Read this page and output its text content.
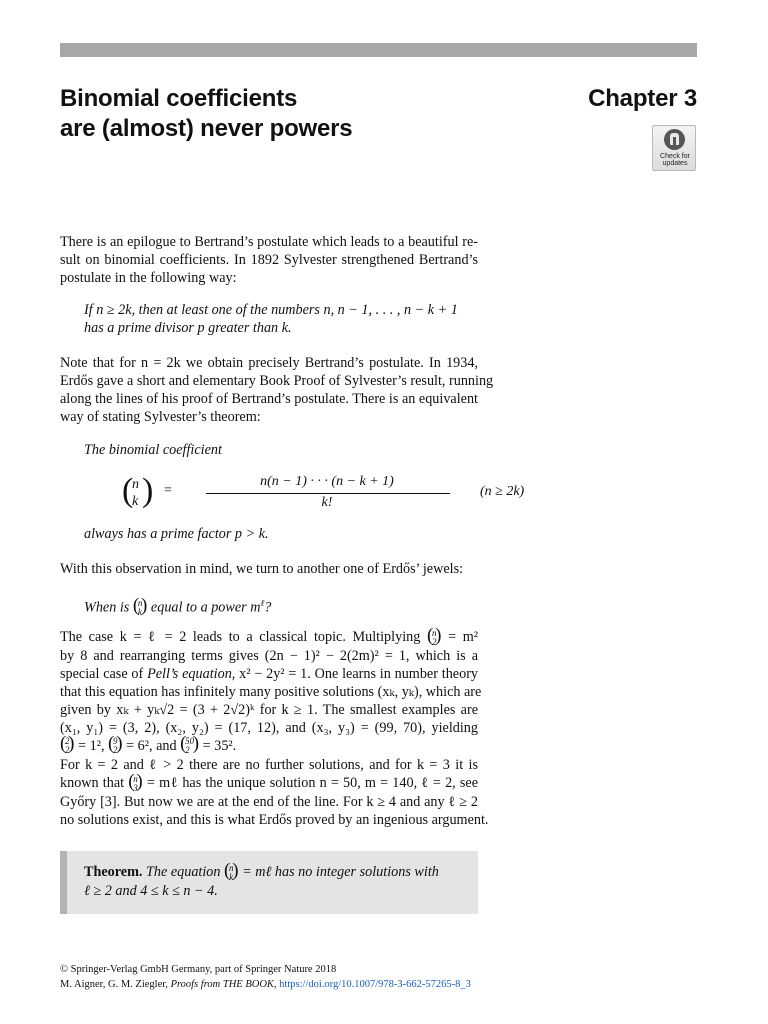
Binomial coefficients
are (almost) never powers
Chapter 3
Check for
updates
There is an epilogue to Bertrand’s postulate which leads to a beautiful re-
sult on binomial coefficients. In 1892 Sylvester strengthened Bertrand’s
postulate in the following way:
If n ≥ 2k, then at least one of the numbers n, n − 1, . . . , n − k + 1
has a prime divisor p greater than k.
Note that for n = 2k we obtain precisely Bertrand’s postulate. In 1934,
Erdős gave a short and elementary Book Proof of Sylvester’s result, running
along the lines of his proof of Bertrand’s postulate. There is an equivalent
way of stating Sylvester’s theorem:
The binomial coefficient
(
n
k ) =
n(n − 1) · · · (n − k + 1)
k!
(n ≥ 2k)
always has a prime factor p > k.
With this observation in mind, we turn to another one of Erdős’ jewels:
When is ( n
k
) equal to a power $m^\ell$?
The case k = ℓ = 2 leads to a classical topic. Multiplying ( n
2
) = m²
by 8 and rearranging terms gives (2n − 1)² − 2(2m)² = 1, which is a
special case of Pell’s equation, x² − 2y² = 1. One learns in number theory
that this equation has infinitely many positive solutions (xₖ, yₖ), which are
given by xₖ + yₖ√2 = (3 + 2√2)ᵏ for k ≥ 1. The smallest examples are
(x₁, y₁) = (3, 2), (x₂, y₂) = (17, 12), and (x₃, y₃) = (99, 70), yielding
( 2
2
) = 1², ( 9
2
) = 6², and ( 50
2
) = 35².
For k = 2 and ℓ > 2 there are no further solutions, and for k = 3 it is
known that ( n
3
) = mℓ has the unique solution n = 50, m = 140, ℓ = 2, see
Győry [3]. But now we are at the end of the line. For k ≥ 4 and any ℓ ≥ 2
no solutions exist, and this is what Erdős proved by an ingenious argument.
Theorem. The equation ( n
k
) = mℓ has no integer solutions with
ℓ ≥ 2 and 4 ≤ k ≤ n − 4.
© Springer-Verlag GmbH Germany, part of Springer Nature 2018
M. Aigner, G. M. Ziegler, Proofs from THE BOOK, https://doi.org/10.1007/978-3-662-57265-8_3
